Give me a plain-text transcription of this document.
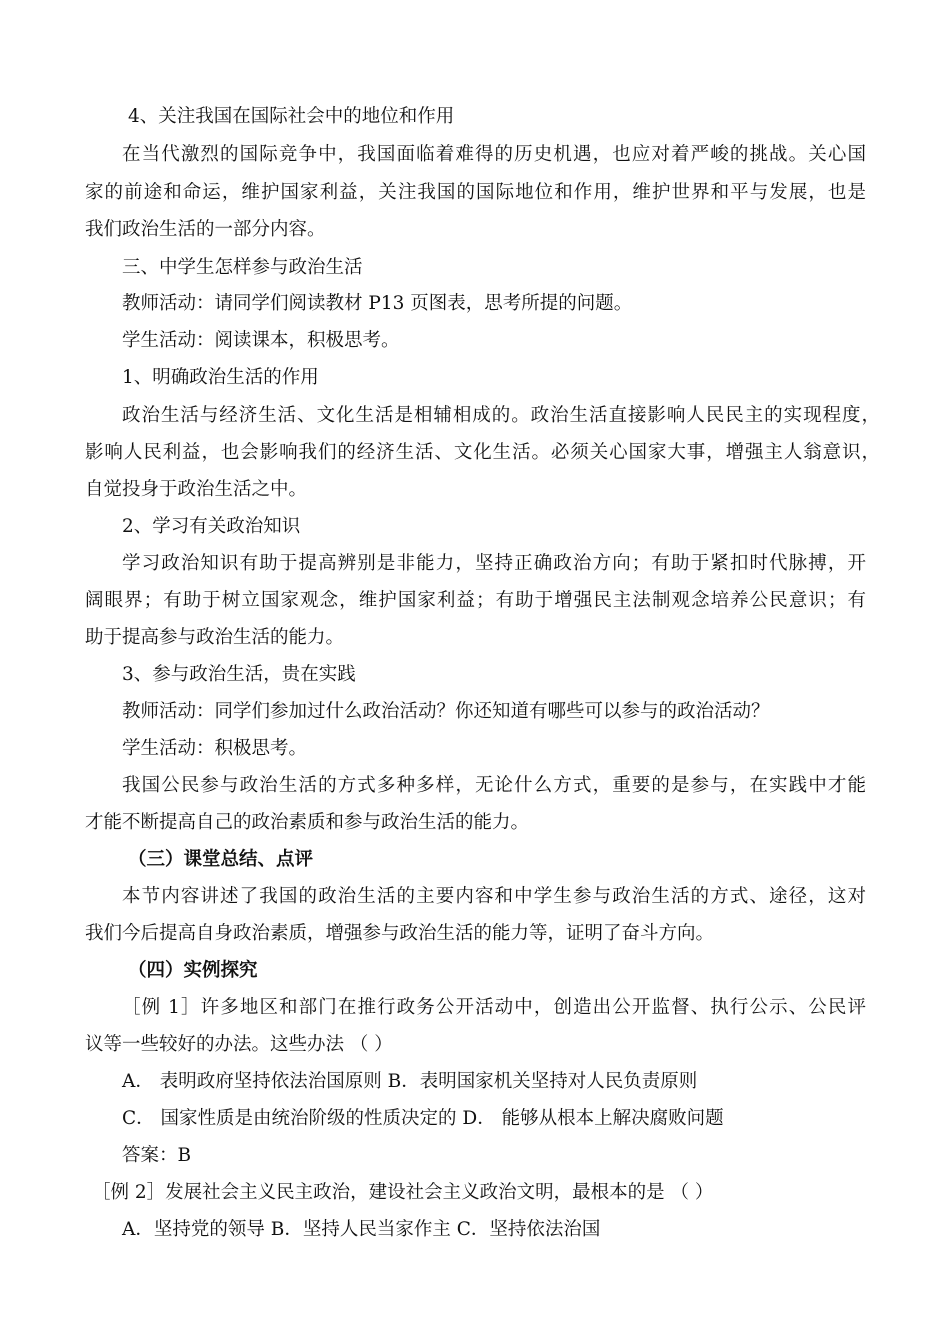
4、关注我国在国际社会中的地位和作用

在当代激烈的国际竞争中，我国面临着难得的历史机遇，也应对着严峻的挑战。关心国

家的前途和命运，维护国家利益，关注我国的国际地位和作用，维护世界和平与发展，也是

我们政治生活的一部分内容。

三、中学生怎样参与政治生活

教师活动：请同学们阅读教材 P13 页图表，思考所提的问题。

学生活动：阅读课本，积极思考。

1、明确政治生活的作用

政治生活与经济生活、文化生活是相辅相成的。政治生活直接影响人民民主的实现程度，

影响人民利益，也会影响我们的经济生活、文化生活。必须关心国家大事，增强主人翁意识，

自觉投身于政治生活之中。

2、学习有关政治知识

学习政治知识有助于提高辨别是非能力，坚持正确政治方向；有助于紧扣时代脉搏，开

阔眼界；有助于树立国家观念，维护国家利益；有助于增强民主法制观念培养公民意识；有

助于提高参与政治生活的能力。

3、参与政治生活，贵在实践

教师活动：同学们参加过什么政治活动？你还知道有哪些可以参与的政治活动？

学生活动：积极思考。

我国公民参与政治生活的方式多种多样，无论什么方式，重要的是参与，在实践中才能

才能不断提高自己的政治素质和参与政治生活的能力。

（三）课堂总结、点评

本节内容讲述了我国的政治生活的主要内容和中学生参与政治生活的方式、途径，这对

我们今后提高自身政治素质，增强参与政治生活的能力等，证明了奋斗方向。

（四）实例探究

［例 1］许多地区和部门在推行政务公开活动中，创造出公开监督、执行公示、公民评

议等一些较好的办法。这些办法 （ ）

A． 表明政府坚持依法治国原则 B．表明国家机关坚持对人民负责原则

C． 国家性质是由统治阶级的性质决定的 D． 能够从根本上解决腐败问题

答案：B

［例 2］发展社会主义民主政治，建设社会主义政治文明，最根本的是 （ ）

A．坚持党的领导 B．坚持人民当家作主 C．坚持依法治国
